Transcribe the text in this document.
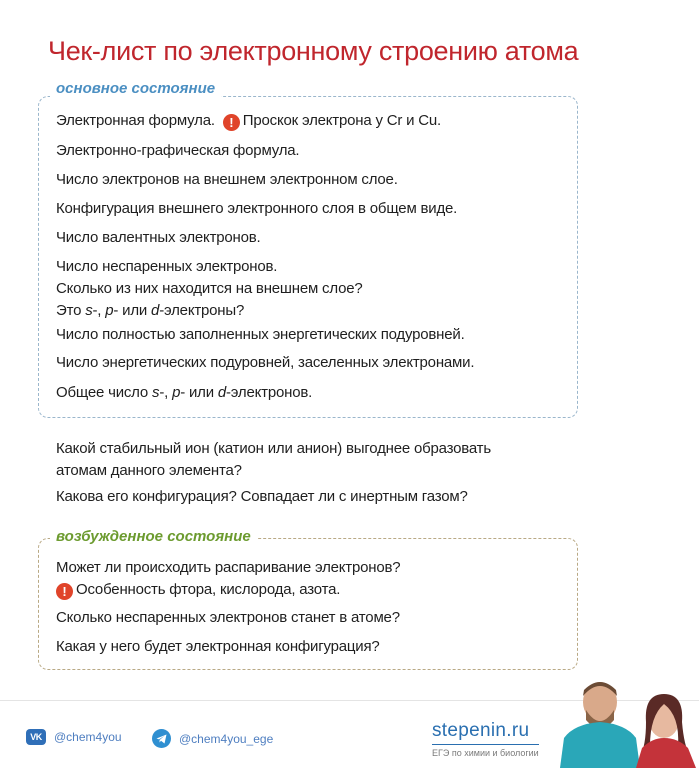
Чек-лист по электронному строению атома
основное состояние
Электронная формула. ! Проскок электрона у Cr и Cu.
Электронно-графическая формула.
Число электронов на внешнем электронном слое.
Конфигурация внешнего электронного слоя в общем виде.
Число валентных электронов.
Число неспаренных электронов.
Сколько из них находится на внешнем слое?
Это s-, p- или d-электроны?
Число полностью заполненных энергетических подуровней.
Число энергетических подуровней, заселенных электронами.
Общее число s-, p- или d-электронов.
Какой стабильный ион (катион или анион) выгоднее образовать
атомам данного элемента?
Какова его конфигурация? Совпадает ли с инертным газом?
возбужденное состояние
Может ли происходить распаривание электронов?
! Особенность фтора, кислорода, азота.
Сколько неспаренных электронов станет в атоме?
Какая у него будет электронная конфигурация?
VK	@chem4you	@chem4you_ege	stepenin.ru
ЕГЭ по химии и биологии
